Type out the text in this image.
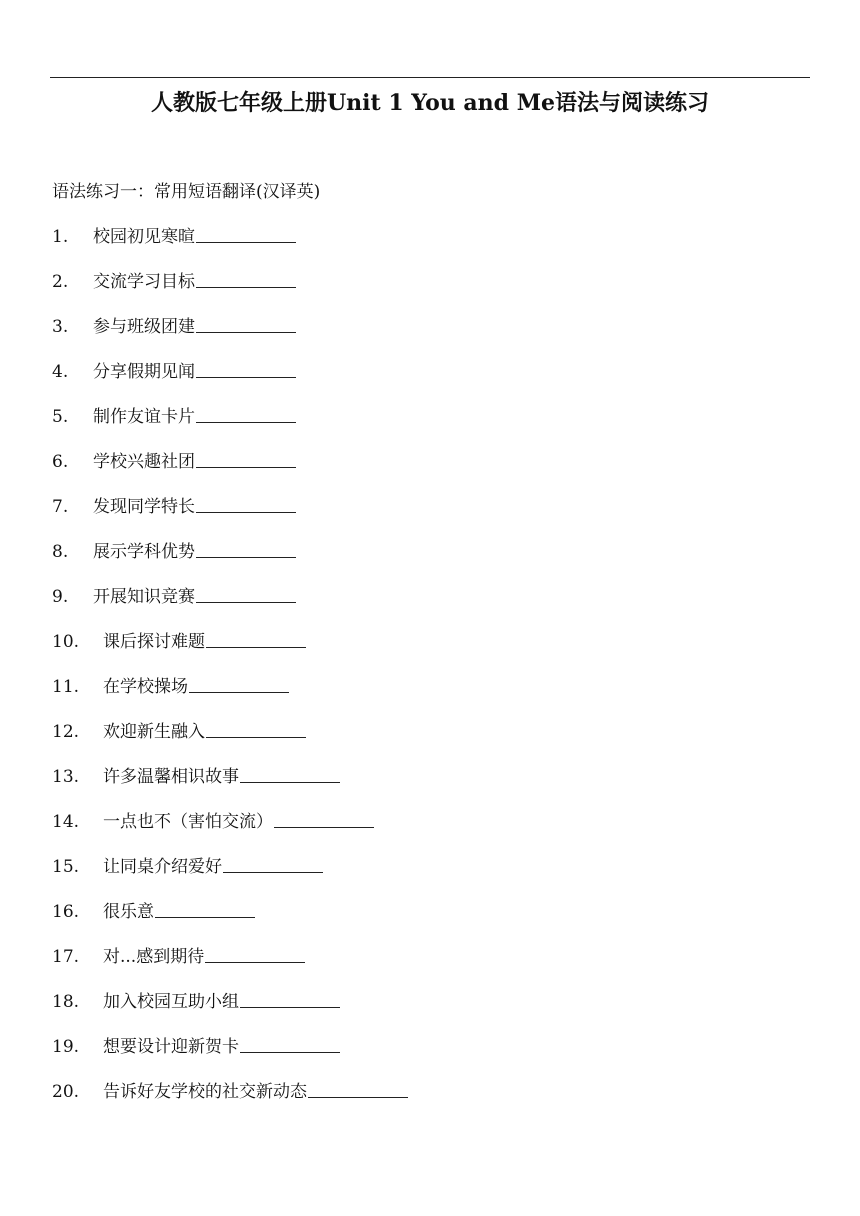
人教版七年级上册Unit 1 You and Me语法与阅读练习
语法练习一：常用短语翻译(汉译英)
1.	校园初见寒暄
2.	交流学习目标
3.	参与班级团建
4.	分享假期见闻
5.	制作友谊卡片
6.	学校兴趣社团
7.	发现同学特长
8.	展示学科优势
9.	开展知识竞赛
10.	课后探讨难题
11.	在学校操场
12.	欢迎新生融入
13.	许多温馨相识故事
14.	一点也不（害怕交流）
15.	让同桌介绍爱好
16.	很乐意
17.	对...感到期待
18.	加入校园互助小组
19.	想要设计迎新贺卡
20.	告诉好友学校的社交新动态
